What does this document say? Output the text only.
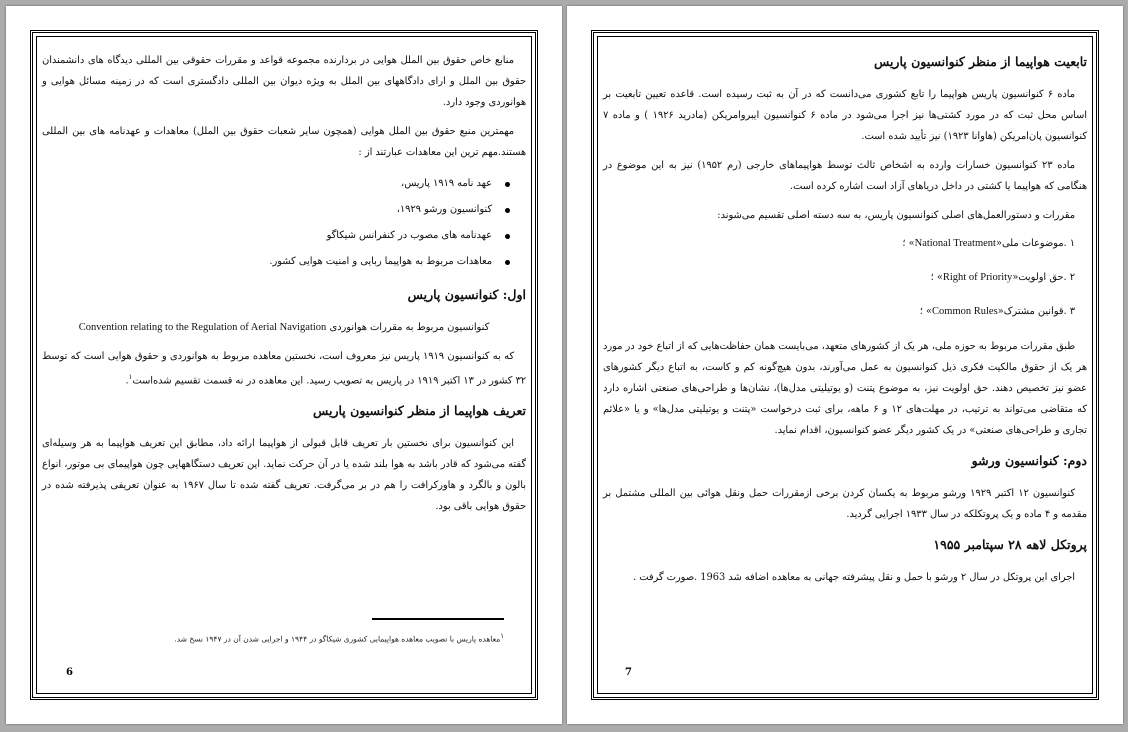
منابع خاص حقوق بین الملل هوایی در بردارنده مجموعه قواعد و مقررات حقوقی بین المللی دیدگاه های دانشمندان حقوق بین الملل و ارای دادگاههای بین الملل به ویژه دیوان بین المللی دادگستری است که در زمینه مسائل هوایی و هوانوردی وجود دارد.

مهمترین منبع حقوق بین الملل هوایی (همچون سایر شعبات حقوق بین الملل) معاهدات و عهدنامه های بین المللی هستند.مهم ترین این معاهدات عبارتند از :

عهد نامه ۱۹۱۹ پاریس،
کنوانسیون ورشو ۱۹۲۹،
عهدنامه های مصوب در کنفرانس شیکاگو
معاهدات مربوط به هواپیما ربایی و امنیت هوایی کشور.
اول: کنوانسیون پاریس

کنوانسیون مربوط به مقررات هوانوردی Convention relating to the Regulation of Aerial Navigation

که به کنوانسیون ۱۹۱۹ پاریس نیز معروف است، نخستین معاهده مربوط به هوانوردی و حقوق هوایی است که توسط ۳۲ کشور در ۱۳ اکتبر ۱۹۱۹ در پاریس به تصویب رسید. این معاهده در نه قسمت تقسیم شده‌است$^۱$.

تعریف هواپیما از منظر کنوانسیون پاریس

این کنوانسیون برای نخستین بار تعریف قابل قبولی از هواپیما ارائه داد، مطابق این تعریف هواپیما به هر وسیله‌ای گفته می‌شود که قادر باشد به هوا بلند شده یا در آن حرکت نماید. این تعریف دستگاههایی چون هواپیمای بی موتور، انواع بالون و بالگرد و هاورکرافت را هم در بر می‌گرفت. تعریف گفته شده تا سال ۱۹۶۷ به عنوان تعریفی پذیرفته شده در حقوق هوایی باقی بود.

۱معاهده پاریس با تصویب معاهده هواپیمایی کشوری شیکاگو در ۱۹۴۴ و اجرایی شدن آن در ۱۹۴۷ نسخ شد.
6
تابعیت هواپیما از منظر کنوانسیون پاریس

ماده ۶ کنوانسیون پاریس هواپیما را تابع کشوری می‌دانست که در آن به ثبت رسیده است. قاعده تعیین تابعیت بر اساس محل ثبت که در مورد کشتی‌ها نیز اجرا می‌شود در ماده ۶ کنوانسیون ایبروامریکن (مادرید ۱۹۲۶ ) و ماده ۷ کنوانسیون پان‌امریکن (هاوانا ۱۹۲۳) نیز تأیید شده است.

ماده ۲۳ کنوانسیون خسارات وارده به اشخاص ثالث توسط هواپیماهای خارجی (رم ۱۹۵۲) نیز به این موضوع در هنگامی که هواپیما یا کشتی در داخل دریاهای آزاد است اشاره کرده است.

مقررات و دستورالعمل‌های اصلی کنوانسیون پاریس، به سه دسته اصلی تقسیم می‌شوند:

۱ .موضوعات ملی«National Treatment» ؛

۲ .حق اولویت«Right of Priority» ؛

۳ .قوانین مشترک«Common Rules» ؛

طبق مقررات مربوط به حوزه ملی، هر یک از کشورهای متعهد، می‌بایست همان حفاظت‌هایی که از اتباع خود در مورد هر یک از حقوق مالکیت فکری ذیل کنوانسیون به عمل می‌آورند، بدون هیچ‌گونه کم و کاست، به اتباع دیگر کشورهای عضو نیز تخصیص دهند. حق اولویت نیز، به موضوع پتنت (و یوتیلیتی مدل‌ها)، نشان‌ها و طراحی‌های صنعتی اشاره دارد که متقاضی می‌تواند به ترتیب، در مهلت‌های ۱۲ و ۶ ماهه، برای ثبت درخواست «پتنت و یوتیلیتی مدل‌ها» و یا «علائم تجاری و طراحی‌های صنعتی» در یک کشور دیگر عضو کنوانسیون، اقدام نماید.

دوم: کنوانسیون ورشو

کنوانسیون ۱۲ اکتبر ۱۹۲۹ ورشو مربوط به یکسان کردن برخی ازمقررات حمل ونقل هوائی بین المللی مشتمل بر مقدمه و ۴ ماده و یک پروتکلکه در سال ۱۹۳۳ اجرایی گردید.

پروتکل لاهه ۲۸ سپتامبر ۱۹۵۵

اجرای این پروتکل در سال ۲ ورشو با حمل و نقل پیشرفته جهانی به معاهده اضافه شد 1963 .صورت گرفت .

7
